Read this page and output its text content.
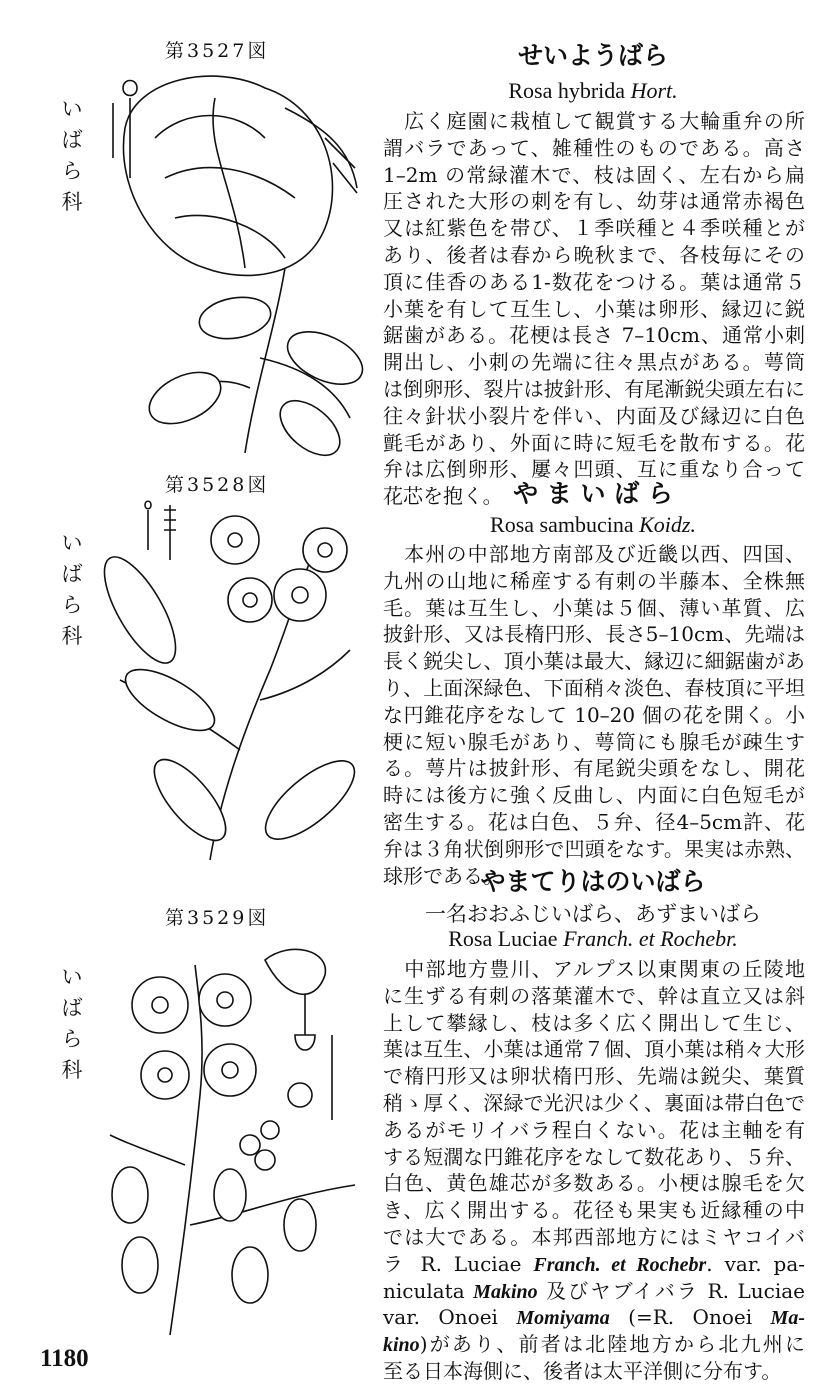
第3527図
いばら科
せいようばら
Rosa hybrida Hort.
　広く庭園に栽植して観賞する大輪重弁の所
謂バラであって、雑種性のものである。高さ
1–2m の常緑灌木で、枝は固く、左右から扁
圧された大形の刺を有し、幼芽は通常赤褐色
又は紅紫色を帯び、１季咲種と４季咲種とが
あり、後者は春から晩秋まで、各枝毎にその
頂に佳香のある1-数花をつける。葉は通常５
小葉を有して互生し、小葉は卵形、縁辺に鋭
鋸歯がある。花梗は長さ 7–10cm、通常小刺
開出し、小刺の先端に往々黒点がある。萼筒
は倒卵形、裂片は披針形、有尾漸鋭尖頭左右に
往々針状小裂片を伴い、内面及び縁辺に白色
氈毛があり、外面に時に短毛を散布する。花
弁は広倒卵形、屢々凹頭、互に重なり合って
花芯を抱く。
第3528図
いばら科
や ま い ば ら
Rosa sambucina Koidz.
　本州の中部地方南部及び近畿以西、四国、
九州の山地に稀産する有刺の半藤本、全株無
毛。葉は互生し、小葉は５個、薄い革質、広
披針形、又は長楕円形、長さ5–10cm、先端は
長く鋭尖し、頂小葉は最大、縁辺に細鋸歯があ
り、上面深緑色、下面稍々淡色、春枝頂に平坦
な円錐花序をなして 10–20 個の花を開く。小
梗に短い腺毛があり、萼筒にも腺毛が疎生す
る。萼片は披針形、有尾鋭尖頭をなし、開花
時には後方に強く反曲し、内面に白色短毛が
密生する。花は白色、５弁、径4–5cm許、花
弁は３角状倒卵形で凹頭をなす。果実は赤熟、
球形である。
第3529図
いばら科
やまてりはのいばら
一名おおふじいばら、あずまいばら
Rosa Luciae Franch. et Rochebr.
　中部地方豊川、アルプス以東関東の丘陵地
に生ずる有刺の落葉灌木で、幹は直立又は斜
上して攀縁し、枝は多く広く開出して生じ、
葉は互生、小葉は通常７個、頂小葉は稍々大形
で楕円形又は卵状楕円形、先端は鋭尖、葉質
稍ゝ厚く、深緑で光沢は少く、裏面は帯白色で
あるがモリイバラ程白くない。花は主軸を有
する短濶な円錐花序をなして数花あり、５弁、
白色、黄色雄芯が多数ある。小梗は腺毛を欠
き、広く開出する。花径も果実も近縁種の中
では大である。本邦西部地方にはミヤコイバ
ラ R. Luciae Franch. et Rochebr. var. pa-
niculata Makino 及びヤブイバラ R. Luciae
var. Onoei Momiyama (=R. Onoei Ma-
kino)があり、前者は北陸地方から北九州に
至る日本海側に、後者は太平洋側に分布す。
1180
